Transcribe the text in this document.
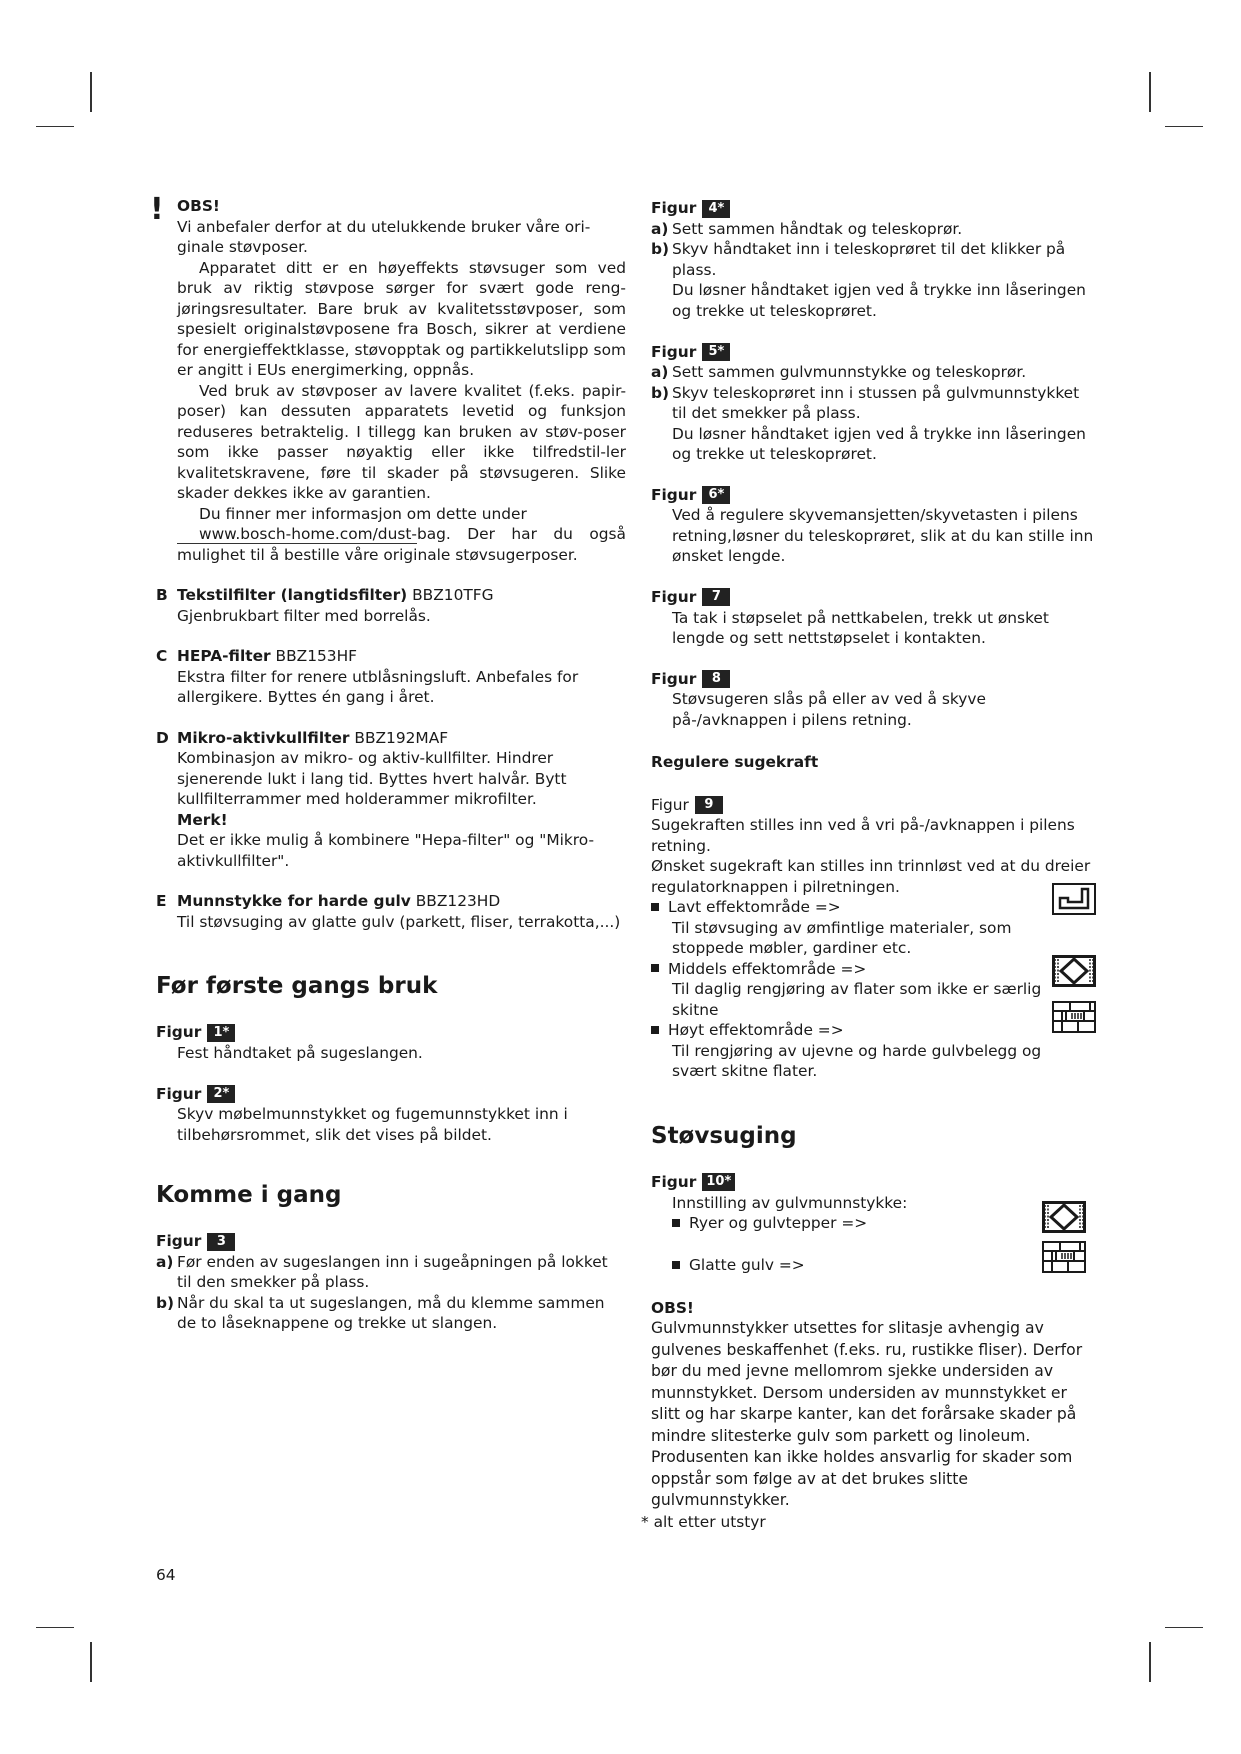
! OBS!
Vi anbefaler derfor at du utelukkende bruker våre ori-ginale støvposer.
Apparatet ditt er en høyeffekts støvsuger som ved bruk av riktig støvpose sørger for svært gode reng-jøringsresultater. Bare bruk av kvalitetsstøvposer, som spesielt originalstøvposene fra Bosch, sikrer at verdiene for energieffektklasse, støvopptak og partikkelutslipp som er angitt i EUs energimerking, oppnås.
Ved bruk av støvposer av lavere kvalitet (f.eks. papir-poser) kan dessuten apparatets levetid og funksjon reduseres betraktelig. I tillegg kan bruken av støv-poser som ikke passer nøyaktig eller ikke tilfredstil-ler kvalitetskravene, føre til skader på støvsugeren. Slike skader dekkes ikke av garantien.
Du finner mer informasjon om dette under
www.bosch-home.com/dust-bag. Der har du også mulighet til å bestille våre originale støvsugerposer.
B Tekstilfilter (langtidsfilter) BBZ10TFG
Gjenbrukbart filter med borrelås.
C HEPA-filter BBZ153HF
Ekstra filter for renere utblåsningsluft. Anbefales for allergikere. Byttes én gang i året.
D Mikro-aktivkullfilter BBZ192MAF
Kombinasjon av mikro- og aktiv-kullfilter. Hindrer sjenerende lukt i lang tid. Byttes hvert halvår. Bytt kullfilterrammer med holderammer mikrofilter.
Merk!
Det er ikke mulig å kombinere "Hepa-filter" og "Mikro-aktivkullfilter".
E Munnstykke for harde gulv BBZ123HD
Til støvsuging av glatte gulv (parkett, fliser, terrakotta,...)
Før første gangs bruk
Figur 1*
Fest håndtaket på sugeslangen.
Figur 2*
Skyv møbelmunnstykket og fugemunnstykket inn i tilbehørsrommet, slik det vises på bildet.
Komme i gang
Figur 3
a) Før enden av sugeslangen inn i sugeåpningen på lokket til den smekker på plass.
b) Når du skal ta ut sugeslangen, må du klemme sammen de to låseknappene og trekke ut slangen.
64
Figur 4*
a) Sett sammen håndtak og teleskoprør.
b) Skyv håndtaket inn i teleskoprøret til det klikker på plass.
Du løsner håndtaket igjen ved å trykke inn låseringen og trekke ut teleskoprøret.
Figur 5*
a) Sett sammen gulvmunnstykke og teleskoprør.
b) Skyv teleskoprøret inn i stussen på gulvmunnstykket til det smekker på plass.
Du løsner håndtaket igjen ved å trykke inn låseringen og trekke ut teleskoprøret.
Figur 6*
Ved å regulere skyvemansjetten/skyvetasten i pilens retning,løsner du teleskoprøret, slik at du kan stille inn ønsket lengde.
Figur 7
Ta tak i støpselet på nettkabelen, trekk ut ønsket lengde og sett nettstøpselet i kontakten.
Figur 8
Støvsugeren slås på eller av ved å skyve på-/avknappen i pilens retning.
Regulere sugekraft
Figur 9
Sugekraften stilles inn ved å vri på-/avknappen i pilens retning.
Ønsket sugekraft kan stilles inn trinnløst ved at du dreier regulatorknappen i pilretningen.
Lavt effektområde =>
Til støvsuging av ømfintlige materialer, som stoppede møbler, gardiner etc.
Middels effektområde =>
Til daglig rengjøring av flater som ikke er særlig skitne
Høyt effektområde =>
Til rengjøring av ujevne og harde gulvbelegg og svært skitne flater.
Støvsuging
Figur 10*
Innstilling av gulvmunnstykke:
Ryer og gulvtepper =>
Glatte gulv =>
OBS!
Gulvmunnstykker utsettes for slitasje avhengig av gulvenes beskaffenhet (f.eks. ru, rustikke fliser). Derfor bør du med jevne mellomrom sjekke undersiden av munnstykket. Dersom undersiden av munnstykket er slitt og har skarpe kanter, kan det forårsake skader på mindre slitesterke gulv som parkett og linoleum. Produsenten kan ikke holdes ansvarlig for skader som oppstår som følge av at det brukes slitte gulvmunnstykker.
* alt etter utstyr
